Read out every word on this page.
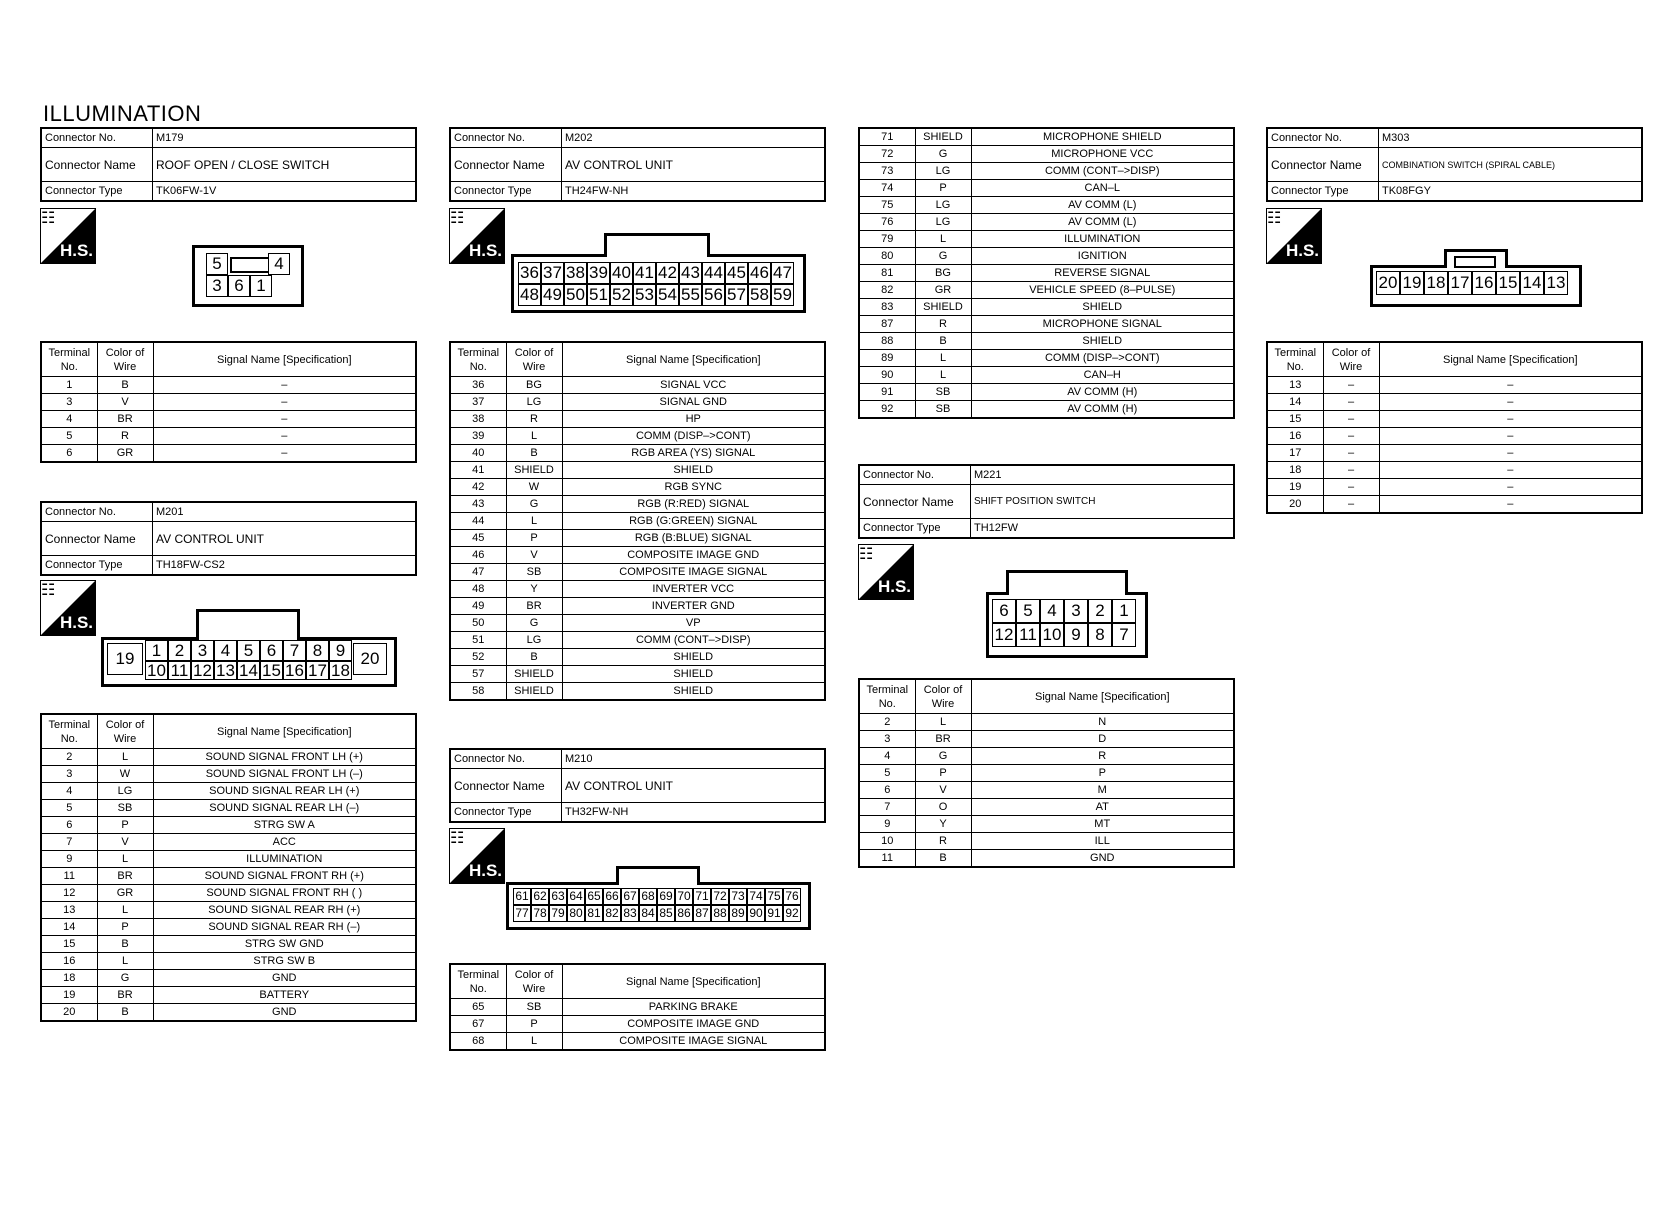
ILLUMINATION
Connector No.	M179
Connector Name	ROOF OPEN / CLOSE SWITCH
Connector Type	TK06FW-1V
☷
H.S.
5	4
3 6 1
Terminal No.	Color of Wire	Signal Name [Specification]
1	B	–
3	V	–
4	BR	–
5	R	–
6	GR	–
Connector No.	M201
Connector Name	AV CONTROL UNIT
Connector Type	TH18FW-CS2
☷
H.S.
1 2 3 4 5 6 7 8 9
19
10 11 12 13 14 15 16 17 18
20
Terminal No.	Color of Wire	Signal Name [Specification]
2	L	SOUND SIGNAL FRONT LH (+)
3	W	SOUND SIGNAL FRONT LH (–)
4	LG	SOUND SIGNAL REAR LH (+)
5	SB	SOUND SIGNAL REAR LH (–)
6	P	STRG SW A
7	V	ACC
9	L	ILLUMINATION
11	BR	SOUND SIGNAL FRONT RH (+)
12	GR	SOUND SIGNAL FRONT RH ( )
13	L	SOUND SIGNAL REAR RH (+)
14	P	SOUND SIGNAL REAR RH (–)
15	B	STRG SW GND
16	L	STRG SW B
18	G	GND
19	BR	BATTERY
20	B	GND
Connector No.	M202
Connector Name	AV CONTROL UNIT
Connector Type	TH24FW-NH
☷
H.S.
36 37 38 39 40 41 42 43 44 45 46 47
48 49 50 51 52 53 54 55 56 57 58 59
Terminal No.	Color of Wire	Signal Name [Specification]
36	BG	SIGNAL VCC
37	LG	SIGNAL GND
38	R	HP
39	L	COMM (DISP–>CONT)
40	B	RGB AREA (YS) SIGNAL
41	SHIELD	SHIELD
42	W	RGB SYNC
43	G	RGB (R:RED) SIGNAL
44	L	RGB (G:GREEN) SIGNAL
45	P	RGB (B:BLUE) SIGNAL
46	V	COMPOSITE IMAGE GND
47	SB	COMPOSITE IMAGE SIGNAL
48	Y	INVERTER VCC
49	BR	INVERTER GND
50	G	VP
51	LG	COMM (CONT–>DISP)
52	B	SHIELD
57	SHIELD	SHIELD
58	SHIELD	SHIELD
Connector No.	M210
Connector Name	AV CONTROL UNIT
Connector Type	TH32FW-NH
☷
H.S.
61 62 63 64 65 66 67 68 69 70 71 72 73 74 75 76
77 78 79 80 81 82 83 84 85 86 87 88 89 90 91 92
Terminal No.	Color of Wire	Signal Name [Specification]
65	SB	PARKING BRAKE
67	P	COMPOSITE IMAGE GND
68	L	COMPOSITE IMAGE SIGNAL
71	SHIELD	MICROPHONE SHIELD
72	G	MICROPHONE VCC
73	LG	COMM (CONT–>DISP)
74	P	CAN–L
75	LG	AV COMM (L)
76	LG	AV COMM (L)
79	L	ILLUMINATION
80	G	IGNITION
81	BG	REVERSE SIGNAL
82	GR	VEHICLE SPEED (8–PULSE)
83	SHIELD	SHIELD
87	R	MICROPHONE SIGNAL
88	B	SHIELD
89	L	COMM (DISP–>CONT)
90	L	CAN–H
91	SB	AV COMM (H)
92	SB	AV COMM (H)
Connector No.	M221
Connector Name	SHIFT POSITION SWITCH
Connector Type	TH12FW
☷
H.S.
6 5 4 3 2 1
12 11 10 9 8 7
Terminal No.	Color of Wire	Signal Name [Specification]
2	L	N
3	BR	D
4	G	R
5	P	P
6	V	M
7	O	AT
9	Y	MT
10	R	ILL
11	B	GND
Connector No.	M303
Connector Name	COMBINATION SWITCH (SPIRAL CABLE)
Connector Type	TK08FGY
☷
H.S.
20 19 18 17 16 15 14 13
Terminal No.	Color of Wire	Signal Name [Specification]
13	–	–
14	–	–
15	–	–
16	–	–
17	–	–
18	–	–
19	–	–
20	–	–
